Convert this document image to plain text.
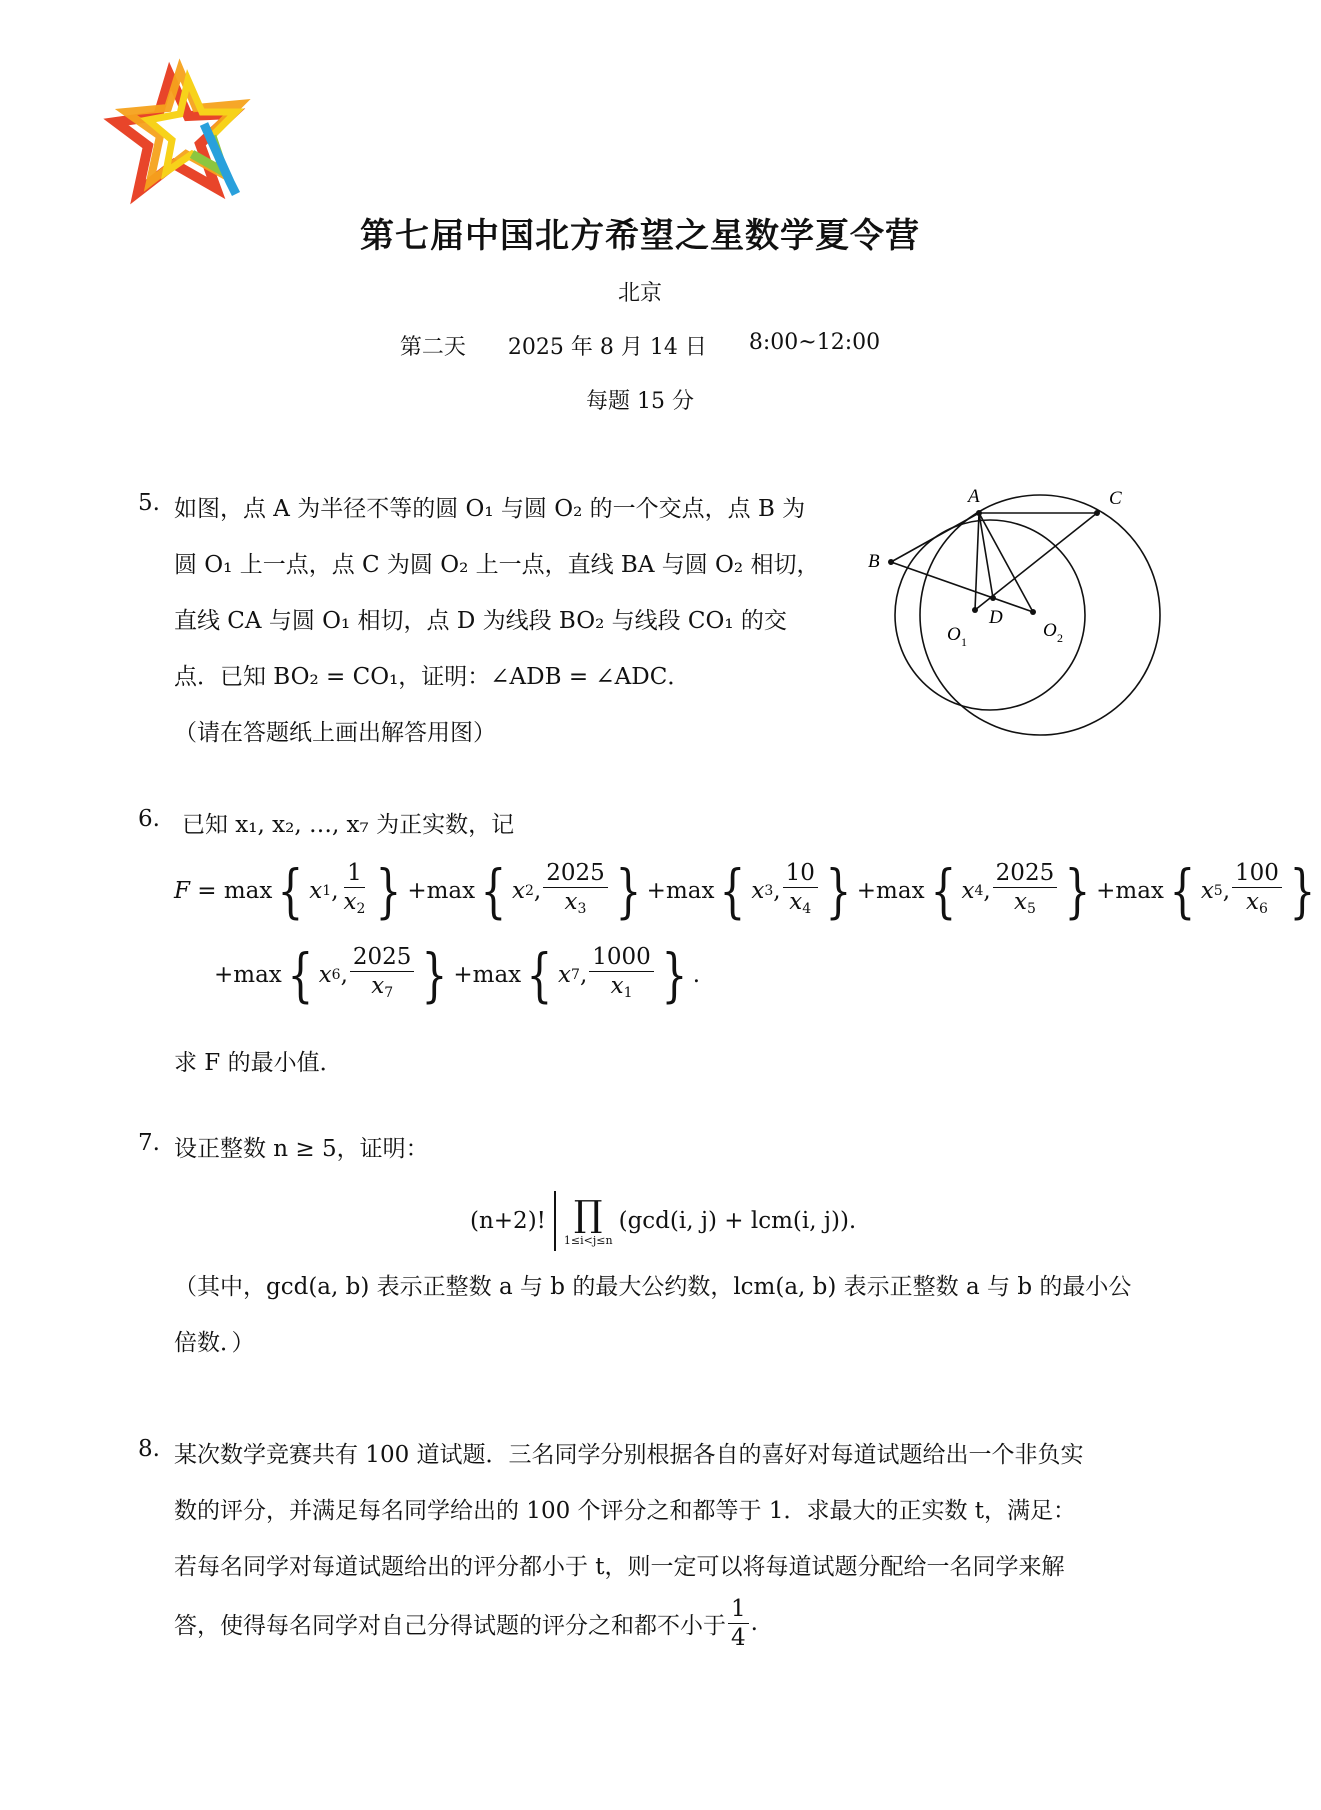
第七届中国北方希望之星数学夏令营
北京
第二天 2025 年 8 月 14 日 8:00~12:00
每题 15 分
5. 如图，点 A 为半径不等的圆 O₁ 与圆 O₂ 的一个交点，点 B 为
圆 O₁ 上一点，点 C 为圆 O₂ 上一点，直线 BA 与圆 O₂ 相切，
直线 CA 与圆 O₁ 相切，点 D 为线段 BO₂ 与线段 CO₁ 的交
点．已知 BO₂ = CO₁，证明：∠ADB = ∠ADC．
（请在答题纸上画出解答用图）
A
B
C
D
O 1
O 2
6. 已知 x₁, x₂, …, x₇ 为正实数，记
F = max { x 1 , $\frac{1}{x_2}$ } + max { x 2 , $\frac{2025}{x_3}$ } + max { x 3 , $\frac{10}{x_4}$ } + max { x 4 , $\frac{2025}{x_5}$ } + max { x 5 , $\frac{100}{x_6}$ }
+ max { x 6 , $\frac{2025}{x_7}$ } + max { x 7 , $\frac{1000}{x_1}$ } .
求 F 的最小值．
7. 设正整数 n ≥ 5，证明：
(n+2)! ∏
1≤i<j≤n
(gcd(i, j) + lcm(i, j)).
（其中，gcd(a, b) 表示正整数 a 与 b 的最大公约数，lcm(a, b) 表示正整数 a 与 b 的最小公
倍数．）
8. 某次数学竞赛共有 100 道试题．三名同学分别根据各自的喜好对每道试题给出一个非负实
数的评分，并满足每名同学给出的 100 个评分之和都等于 1．求最大的正实数 t，满足：
若每名同学对每道试题给出的评分都小于 t，则一定可以将每道试题分配给一名同学来解
答，使得每名同学对自己分得试题的评分之和都不小于 $\frac{1}{4}$ .
